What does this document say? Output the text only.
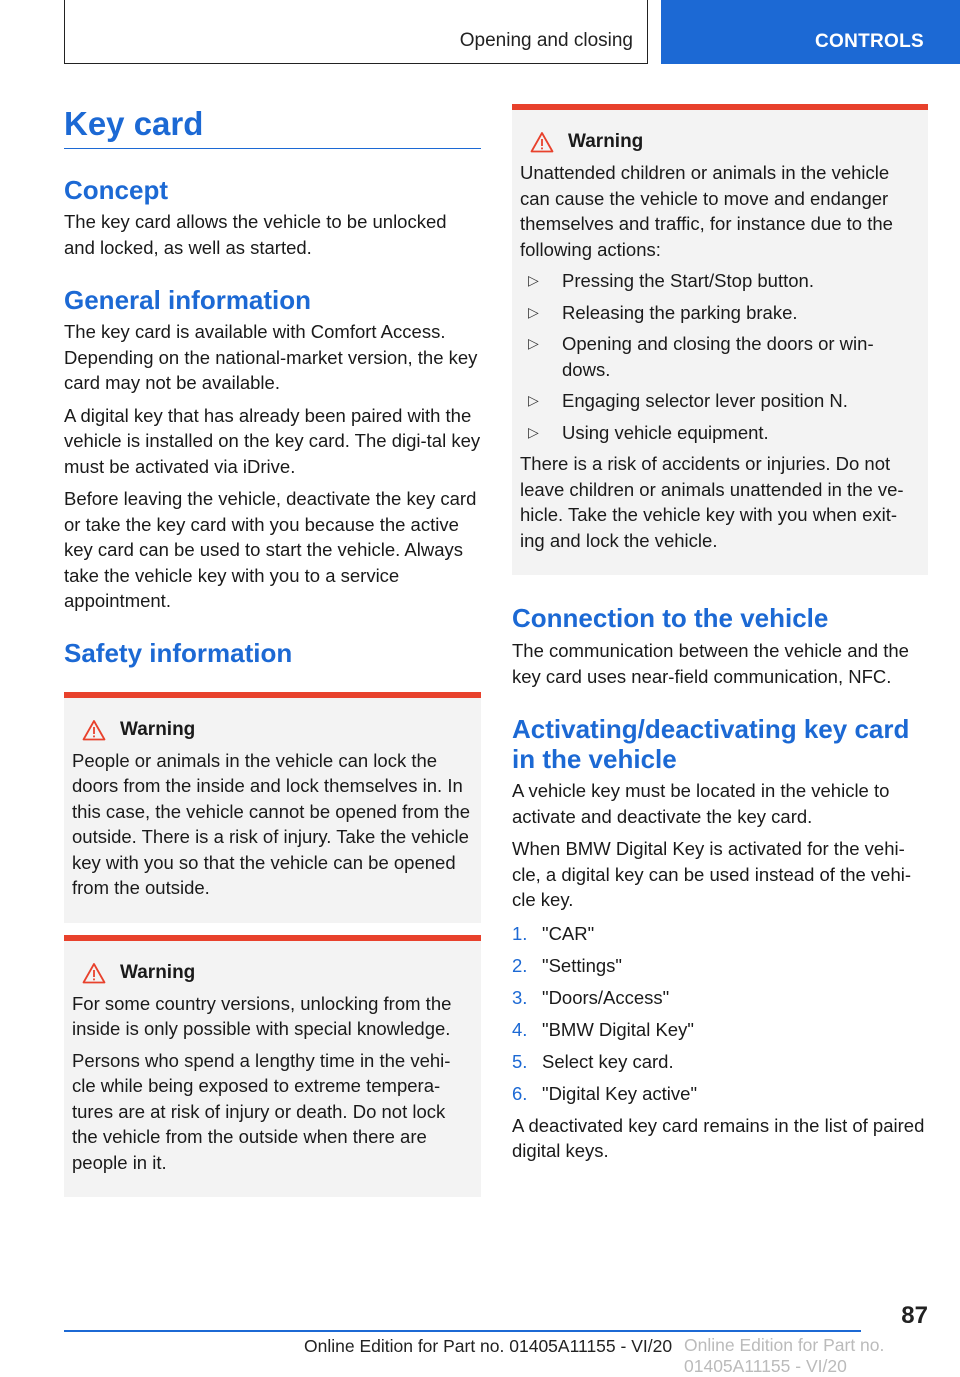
Opening and closing	CONTROLS
Key card
Concept

The key card allows the vehicle to be unlocked and locked, as well as started.

General information

The key card is available with Comfort Access. Depending on the national-market version, the key card may not be available.

A digital key that has already been paired with the vehicle is installed on the key card. The digi-tal key must be activated via iDrive.

Before leaving the vehicle, deactivate the key card or take the key card with you because the active key card can be used to start the vehicle. Always take the vehicle key with you to a service appointment.

Safety information
Warning

People or animals in the vehicle can lock the doors from the inside and lock themselves in. In this case, the vehicle cannot be opened from the outside. There is a risk of injury. Take the vehicle key with you so that the vehicle can be opened from the outside.

Warning

For some country versions, unlocking from the inside is only possible with special knowledge.

Persons who spend a lengthy time in the vehi-cle while being exposed to extreme tempera-tures are at risk of injury or death. Do not lock the vehicle from the outside when there are people in it.

Warning

Unattended children or animals in the vehicle can cause the vehicle to move and endanger themselves and traffic, for instance due to the following actions:

▷	Pressing the Start/Stop button.
▷	Releasing the parking brake.
▷	Opening and closing the doors or win-dows.
▷	Engaging selector lever position N.
▷	Using vehicle equipment.

There is a risk of accidents or injuries. Do not leave children or animals unattended in the ve-hicle. Take the vehicle key with you when exit-ing and lock the vehicle.

Connection to the vehicle

The communication between the vehicle and the key card uses near-field communication, NFC.

Activating/deactivating key card in the vehicle

A vehicle key must be located in the vehicle to activate and deactivate the key card.

When BMW Digital Key is activated for the vehi-cle, a digital key can be used instead of the vehi-cle key.

1. "CAR"
2. "Settings"
3. "Doors/Access"
4. "BMW Digital Key"
5. Select key card.
6. "Digital Key active"

A deactivated key card remains in the list of paired digital keys.

87
Online Edition for Part no. 01405A11155 - VI/20 Online Edition for Part no. 01405A11155 - VI/20
